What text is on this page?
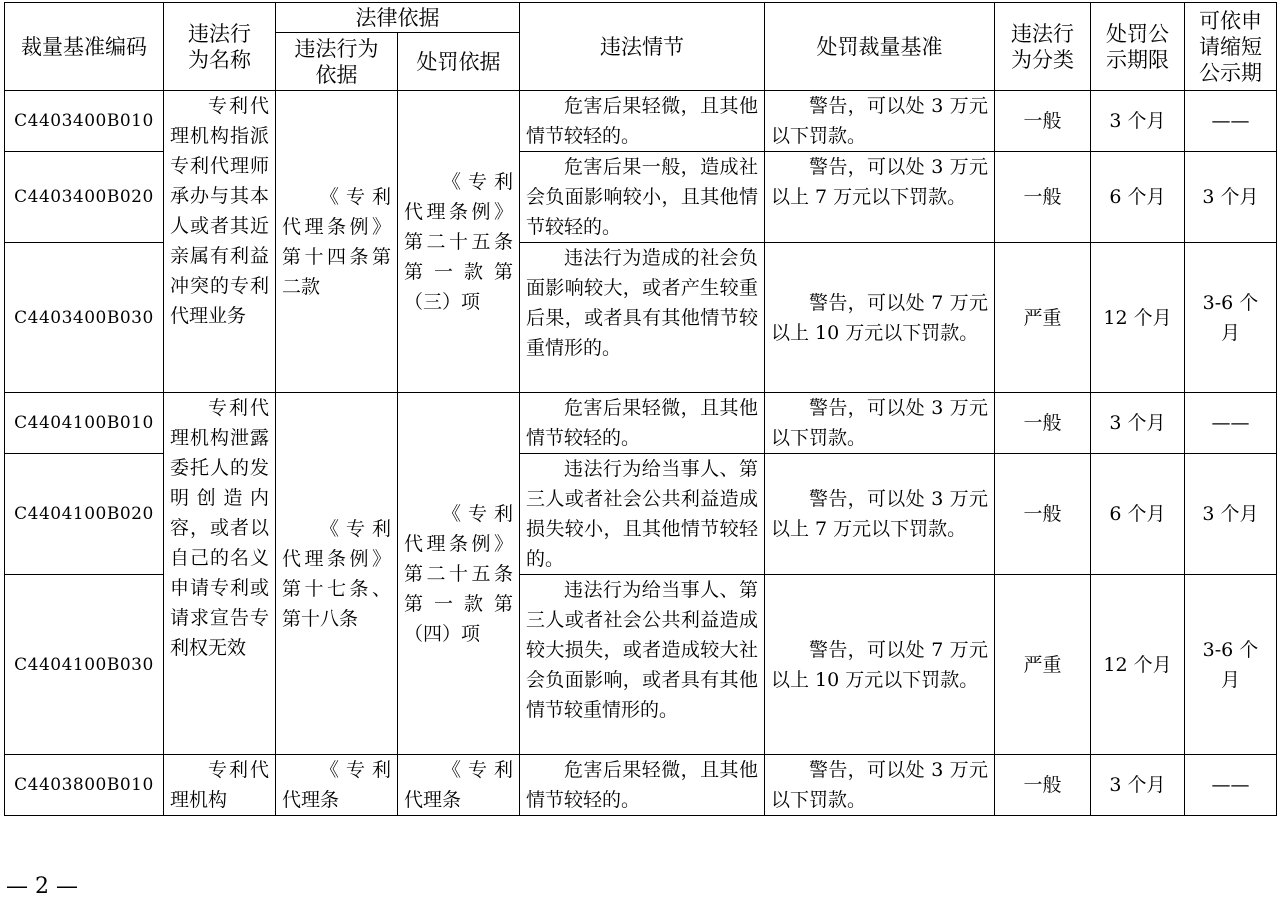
裁量基准编码	违法行为名称	法律依据		违法情节	处罚裁量基准	违法行为分类	处罚公示期限	可依申请缩短公示期

		违法行为依据	处罚依据					
C4403400B010	专利代理机构指派专利代理师承办与其本人或者其近亲属有利益冲突的专利代理业务	《专利代理条例》第十四条第二款	《专利代理条例》第二十五条第一款第（三）项	危害后果轻微，且其他情节较轻的。	警告，可以处 3 万元以下罚款。	一般	3 个月	——
C4403400B020				危害后果一般，造成社会负面影响较小，且其他情节较轻的。	警告，可以处 3 万元以上 7 万元以下罚款。	一般	6 个月	3 个月
C4403400B030				违法行为造成的社会负面影响较大，或者产生较重后果，或者具有其他情节较重情形的。	警告，可以处 7 万元以上 10 万元以下罚款。	严重	12 个月	3-6 个月

C4404100B010	专利代理机构泄露委托人的发明创造内容，或者以自己的名义申请专利或请求宣告专利权无效	《专利代理条例》第十七条、第十八条	《专利代理条例》第二十五条第一款第（四）项	危害后果轻微，且其他情节较轻的。	警告，可以处 3 万元以下罚款。	一般	3 个月	——
C4404100B020				违法行为给当事人、第三人或者社会公共利益造成损失较小，且其他情节较轻的。	警告，可以处 3 万元以上 7 万元以下罚款。	一般	6 个月	3 个月
C4404100B030				违法行为给当事人、第三人或者社会公共利益造成较大损失，或者造成较大社会负面影响，或者具有其他情节较重情形的。	警告，可以处 7 万元以上 10 万元以下罚款。	严重	12 个月	3-6 个月

C4403800B010	专利代理机构	《专利代理条	《专利代理条	危害后果轻微，且其他情节较轻的。	警告，可以处 3 万元以下罚款。	一般	3 个月	——
— 2 —
